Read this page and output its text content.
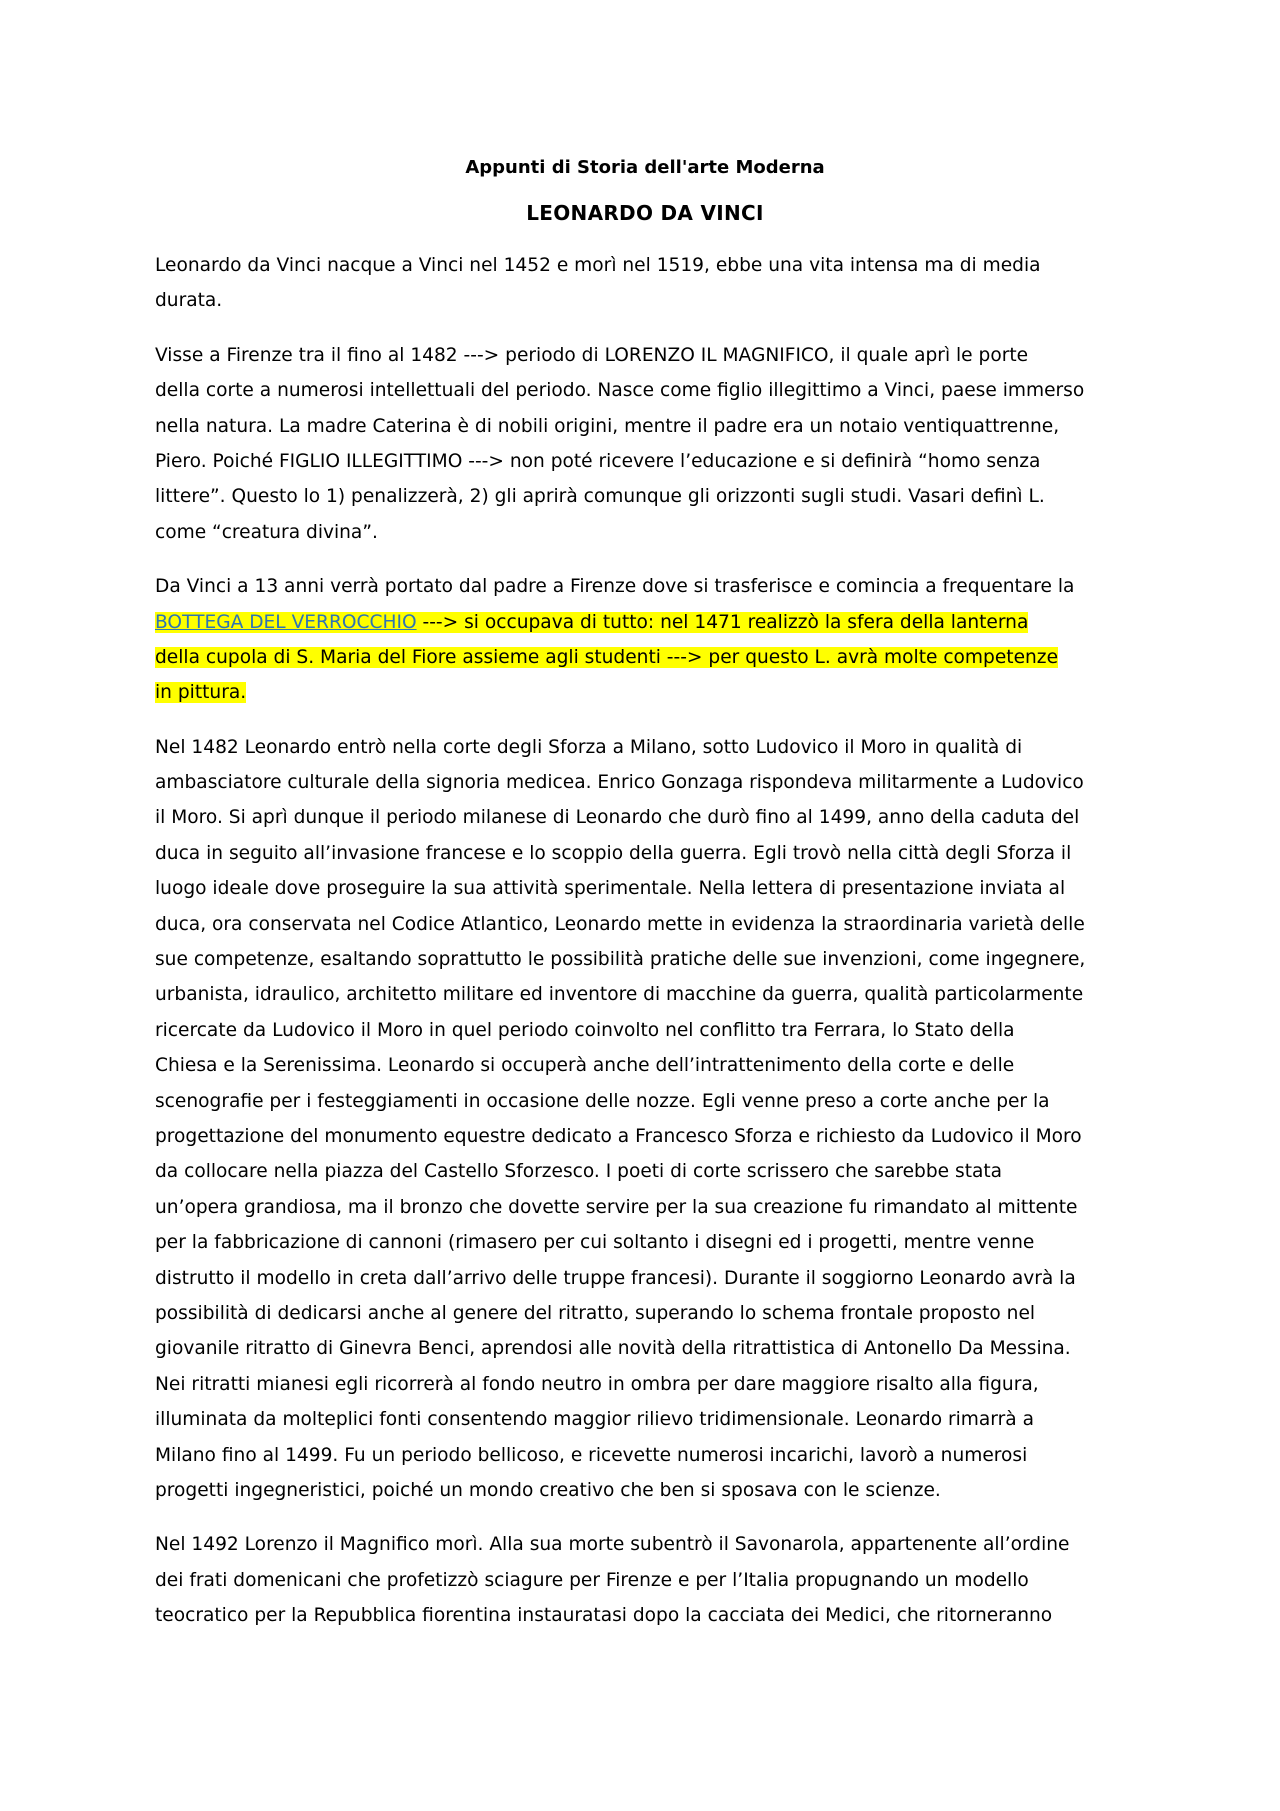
Appunti di Storia dell'arte Moderna
LEONARDO DA VINCI
Leonardo da Vinci nacque a Vinci nel 1452 e morì nel 1519, ebbe una vita intensa ma di media
durata.
Visse a Firenze tra il fino al 1482 ---> periodo di LORENZO IL MAGNIFICO, il quale aprì le porte
della corte a numerosi intellettuali del periodo. Nasce come figlio illegittimo a Vinci, paese immerso
nella natura. La madre Caterina è di nobili origini, mentre il padre era un notaio ventiquattrenne,
Piero. Poiché FIGLIO ILLEGITTIMO ---> non poté ricevere l’educazione e si definirà “homo senza
littere”. Questo lo 1) penalizzerà, 2) gli aprirà comunque gli orizzonti sugli studi. Vasari definì L.
come “creatura divina”.
Da Vinci a 13 anni verrà portato dal padre a Firenze dove si trasferisce e comincia a frequentare la
BOTTEGA DEL VERROCCHIO ---> si occupava di tutto: nel 1471 realizzò la sfera della lanterna
della cupola di S. Maria del Fiore assieme agli studenti ---> per questo L. avrà molte competenze
in pittura.
Nel 1482 Leonardo entrò nella corte degli Sforza a Milano, sotto Ludovico il Moro in qualità di
ambasciatore culturale della signoria medicea. Enrico Gonzaga rispondeva militarmente a Ludovico
il Moro. Si aprì dunque il periodo milanese di Leonardo che durò fino al 1499, anno della caduta del
duca in seguito all’invasione francese e lo scoppio della guerra. Egli trovò nella città degli Sforza il
luogo ideale dove proseguire la sua attività sperimentale. Nella lettera di presentazione inviata al
duca, ora conservata nel Codice Atlantico, Leonardo mette in evidenza la straordinaria varietà delle
sue competenze, esaltando soprattutto le possibilità pratiche delle sue invenzioni, come ingegnere,
urbanista, idraulico, architetto militare ed inventore di macchine da guerra, qualità particolarmente
ricercate da Ludovico il Moro in quel periodo coinvolto nel conflitto tra Ferrara, lo Stato della
Chiesa e la Serenissima. Leonardo si occuperà anche dell’intrattenimento della corte e delle
scenografie per i festeggiamenti in occasione delle nozze. Egli venne preso a corte anche per la
progettazione del monumento equestre dedicato a Francesco Sforza e richiesto da Ludovico il Moro
da collocare nella piazza del Castello Sforzesco. I poeti di corte scrissero che sarebbe stata
un’opera grandiosa, ma il bronzo che dovette servire per la sua creazione fu rimandato al mittente
per la fabbricazione di cannoni (rimasero per cui soltanto i disegni ed i progetti, mentre venne
distrutto il modello in creta dall’arrivo delle truppe francesi). Durante il soggiorno Leonardo avrà la
possibilità di dedicarsi anche al genere del ritratto, superando lo schema frontale proposto nel
giovanile ritratto di Ginevra Benci, aprendosi alle novità della ritrattistica di Antonello Da Messina.
Nei ritratti mianesi egli ricorrerà al fondo neutro in ombra per dare maggiore risalto alla figura,
illuminata da molteplici fonti consentendo maggior rilievo tridimensionale. Leonardo rimarrà a
Milano fino al 1499. Fu un periodo bellicoso, e ricevette numerosi incarichi, lavorò a numerosi
progetti ingegneristici, poiché un mondo creativo che ben si sposava con le scienze.
Nel 1492 Lorenzo il Magnifico morì. Alla sua morte subentrò il Savonarola, appartenente all’ordine
dei frati domenicani che profetizzò sciagure per Firenze e per l’Italia propugnando un modello
teocratico per la Repubblica fiorentina instauratasi dopo la cacciata dei Medici, che ritorneranno
